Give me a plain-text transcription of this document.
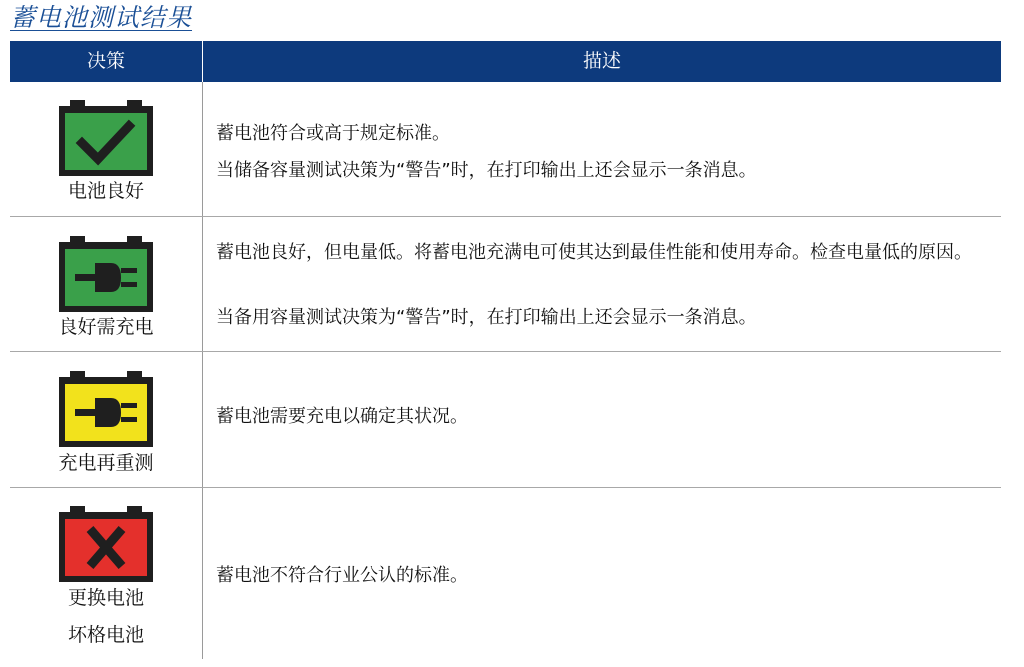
蓄电池测试结果
决策	描述
电池良好
蓄电池符合或高于规定标准。
当储备容量测试决策为“警告”时，在打印输出上还会显示一条消息。
良好需充电
蓄电池良好，但电量低。将蓄电池充满电可使其达到最佳性能和使用寿命。检查电量低的原因。
当备用容量测试决策为“警告”时，在打印输出上还会显示一条消息。
充电再重测
蓄电池需要充电以确定其状况。
更换电池
坏格电池
蓄电池不符合行业公认的标准。
